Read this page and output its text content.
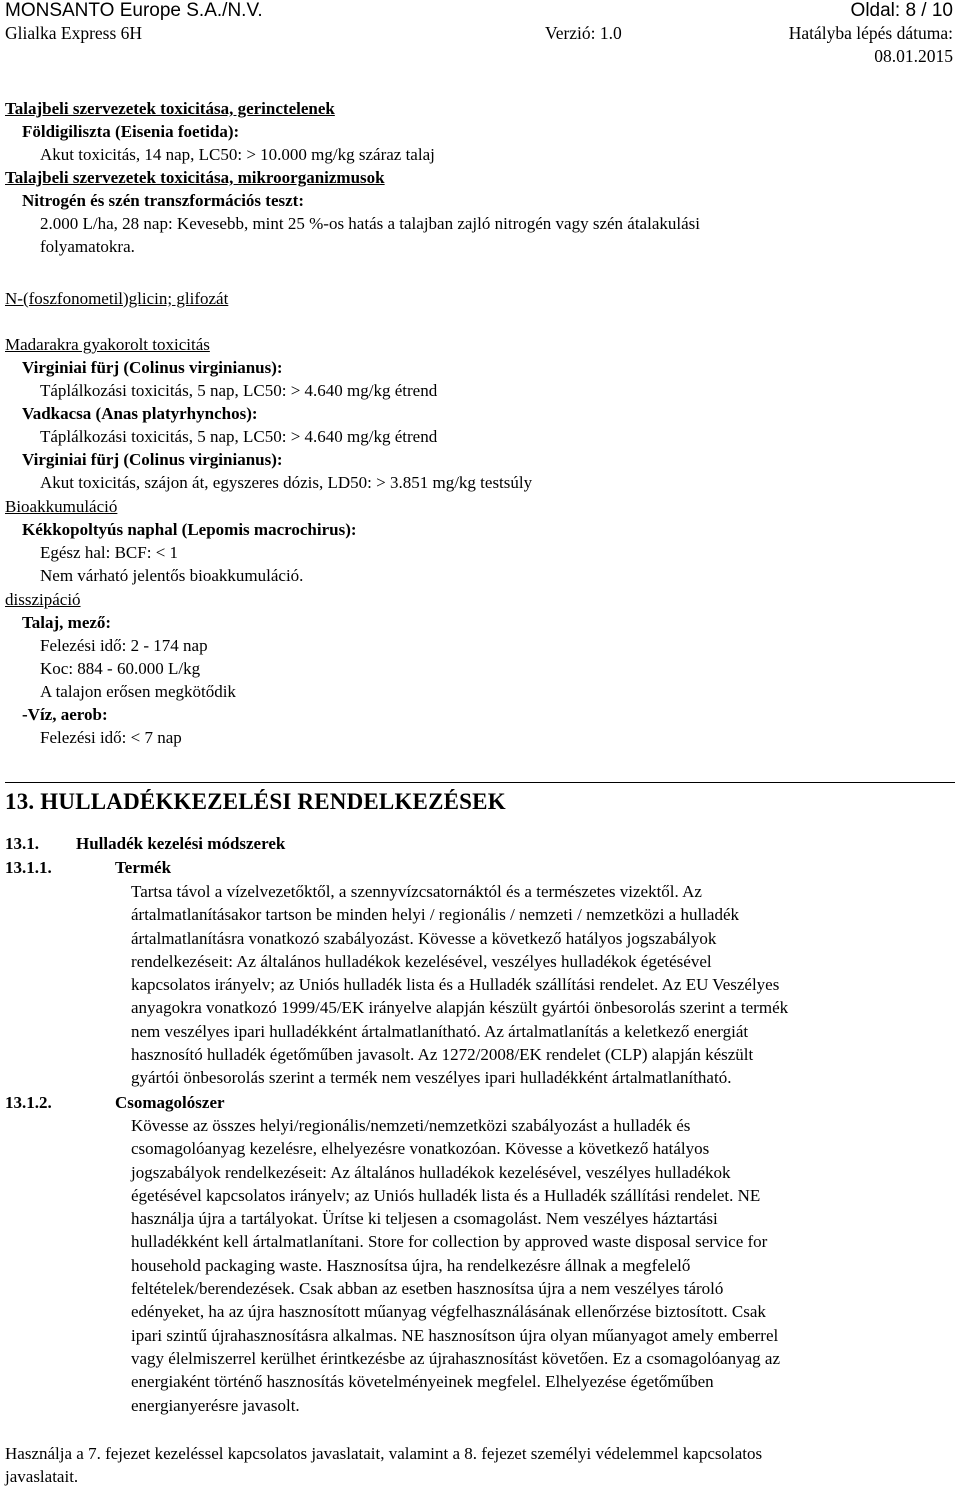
MONSANTO Europe S.A./N.V.	Oldal: 8 / 10
Glialka Express 6H	Verzió: 1.0	Hatályba lépés dátuma:
08.01.2015
Talajbeli szervezetek toxicitása, gerinctelenek
Földigiliszta (Eisenia foetida):
Akut toxicitás, 14 nap, LC50: > 10.000 mg/kg száraz talaj
Talajbeli szervezetek toxicitása, mikroorganizmusok
Nitrogén és szén transzformációs teszt:
2.000 L/ha, 28 nap: Kevesebb, mint 25 %-os hatás a talajban zajló nitrogén vagy szén átalakulási
folyamatokra.
N-(foszfonometil)glicin; glifozát
Madarakra gyakorolt toxicitás
Virginiai fürj (Colinus virginianus):
Táplálkozási toxicitás, 5 nap, LC50: > 4.640 mg/kg étrend
Vadkacsa (Anas platyrhynchos):
Táplálkozási toxicitás, 5 nap, LC50: > 4.640 mg/kg étrend
Virginiai fürj (Colinus virginianus):
Akut toxicitás, szájon át, egyszeres dózis, LD50: > 3.851 mg/kg testsúly
Bioakkumuláció
Kékkopoltyús naphal (Lepomis macrochirus):
Egész hal: BCF: < 1
Nem várható jelentős bioakkumuláció.
disszipáció
Talaj, mező:
Felezési idő: 2 - 174 nap
Koc: 884 - 60.000 L/kg
A talajon erősen megkötődik
-Víz, aerob:
Felezési idő: < 7 nap
13. HULLADÉKKEZELÉSI RENDELKEZÉSEK
13.1. Hulladék kezelési módszerek
13.1.1.	Termék
Tartsa távol a vízelvezetőktől, a szennyvízcsatornáktól és a természetes vizektől. Az
ártalmatlanításakor tartson be minden helyi / regionális / nemzeti / nemzetközi a hulladék
ártalmatlanításra vonatkozó szabályozást. Kövesse a következő hatályos jogszabályok
rendelkezéseit: Az általános hulladékok kezelésével, veszélyes hulladékok égetésével
kapcsolatos irányelv; az Uniós hulladék lista és a Hulladék szállítási rendelet. Az EU Veszélyes
anyagokra vonatkozó 1999/45/EK irányelve alapján készült gyártói önbesorolás szerint a termék
nem veszélyes ipari hulladékként ártalmatlanítható. Az ártalmatlanítás a keletkező energiát
hasznosító hulladék égetőműben javasolt. Az 1272/2008/EK rendelet (CLP) alapján készült
gyártói önbesorolás szerint a termék nem veszélyes ipari hulladékként ártalmatlanítható.
13.1.2.	Csomagolószer
Kövesse az összes helyi/regionális/nemzeti/nemzetközi szabályozást a hulladék és
csomagolóanyag kezelésre, elhelyezésre vonatkozóan. Kövesse a következő hatályos
jogszabályok rendelkezéseit: Az általános hulladékok kezelésével, veszélyes hulladékok
égetésével kapcsolatos irányelv; az Uniós hulladék lista és a Hulladék szállítási rendelet. NE
használja újra a tartályokat. Ürítse ki teljesen a csomagolást. Nem veszélyes háztartási
hulladékként kell ártalmatlanítani. Store for collection by approved waste disposal service for
household packaging waste. Hasznosítsa újra, ha rendelkezésre állnak a megfelelő
feltételek/berendezések. Csak abban az esetben hasznosítsa újra a nem veszélyes tároló
edényeket, ha az újra hasznosított műanyag végfelhasználásának ellenőrzése biztosított. Csak
ipari szintű újrahasznosításra alkalmas. NE hasznosítson újra olyan műanyagot amely emberrel
vagy élelmiszerrel kerülhet érintkezésbe az újrahasznosítást követően. Ez a csomagolóanyag az
energiaként történő hasznosítás követelményeinek megfelel. Elhelyezése égetőműben
energianyerésre javasolt.
Használja a 7. fejezet kezeléssel kapcsolatos javaslatait, valamint a 8. fejezet személyi védelemmel kapcsolatos
javaslatait.
